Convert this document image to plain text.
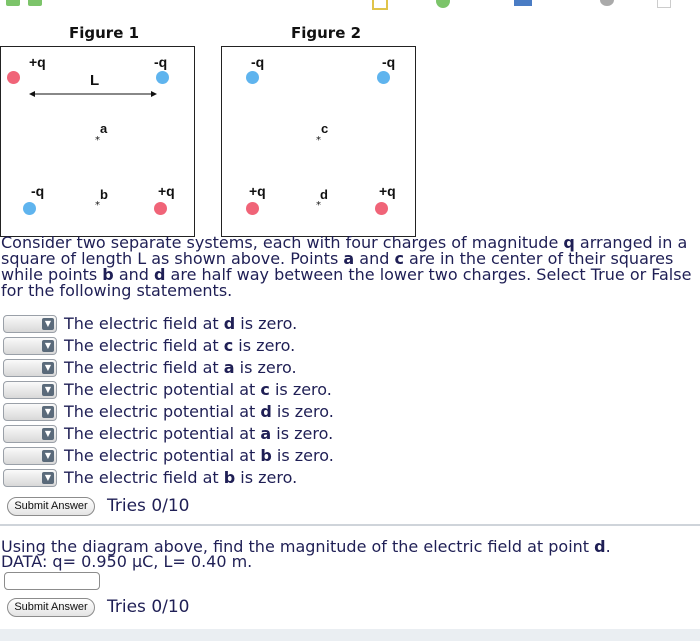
Figure 1
+q	-q
L
a
*
-q	b
*
+q
Figure 2
-q	-q
c
*
+q	d
*
+q
Consider two separate systems, each with four charges of magnitude q arranged in a square of length L as shown above. Points a and c are in the center of their squares while points b and d are half way between the lower two charges. Select True or False for the following statements.
▼ The electric field at d is zero.
▼ The electric field at c is zero.
▼ The electric field at a is zero.
▼ The electric potential at c is zero.
▼ The electric potential at d is zero.
▼ The electric potential at a is zero.
▼ The electric potential at b is zero.
▼ The electric field at b is zero.
Submit Answer	Tries 0/10
Using the diagram above, find the magnitude of the electric field at point d.
DATA: q= 0.950 μC, L= 0.40 m.
Submit Answer	Tries 0/10
